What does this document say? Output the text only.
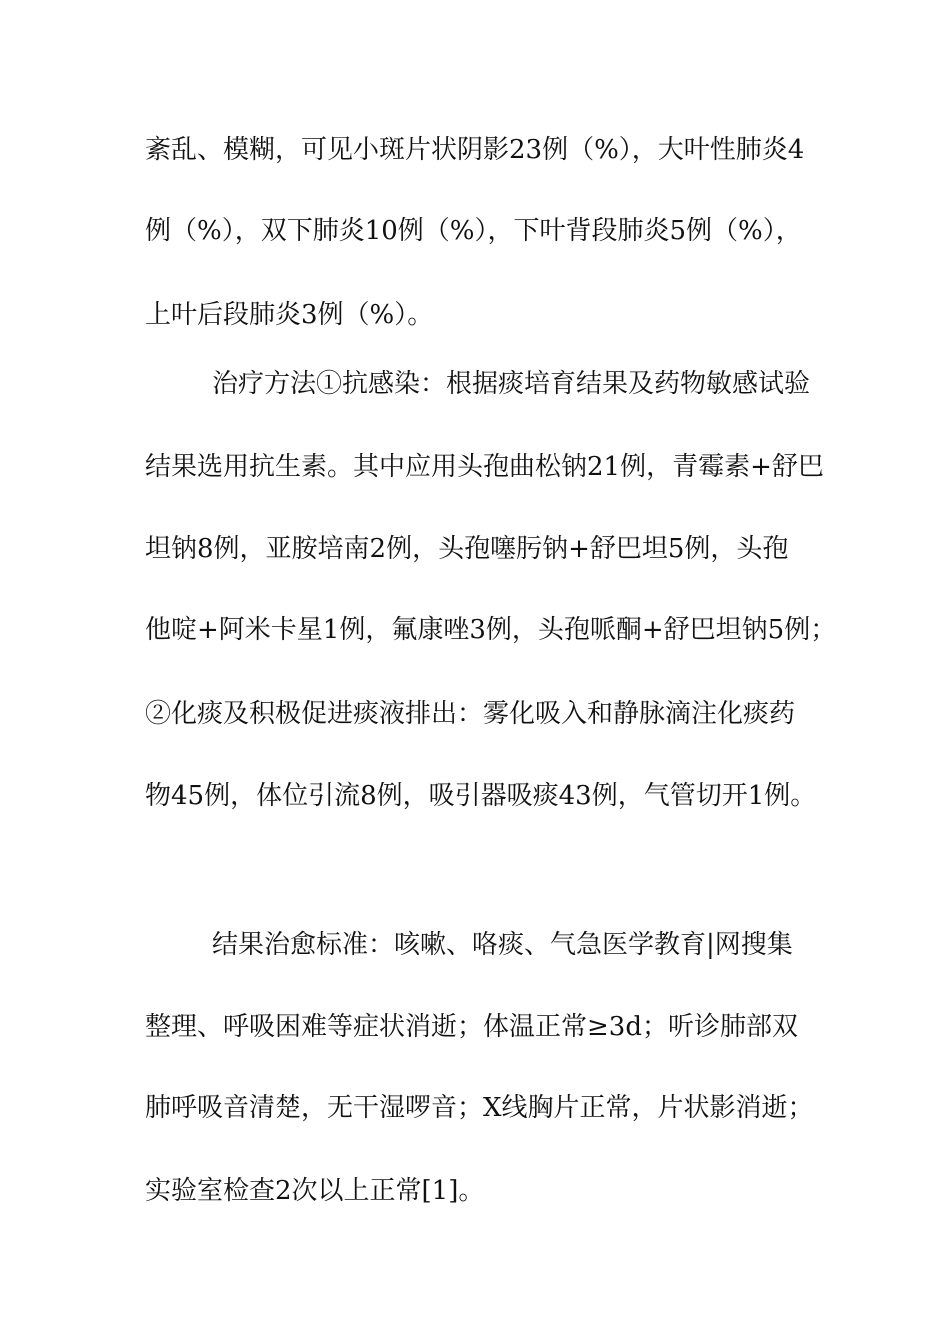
紊乱、模糊，可见小斑片状阴影23例（%），大叶性肺炎4
例（%），双下肺炎10例（%），下叶背段肺炎5例（%），
上叶后段肺炎3例（%）。
治疗方法①抗感染：根据痰培育结果及药物敏感试验
结果选用抗生素。其中应用头孢曲松钠21例，青霉素+舒巴
坦钠8例，亚胺培南2例，头孢噻肟钠+舒巴坦5例，头孢
他啶+阿米卡星1例，氟康唑3例，头孢哌酮+舒巴坦钠5例；
②化痰及积极促进痰液排出：雾化吸入和静脉滴注化痰药
物45例，体位引流8例，吸引器吸痰43例，气管切开1例。
结果治愈标准：咳嗽、咯痰、气急医学教育|网搜集
整理、呼吸困难等症状消逝；体温正常≥3d；听诊肺部双
肺呼吸音清楚，无干湿啰音；X线胸片正常，片状影消逝；
实验室检查2次以上正常[1]。
